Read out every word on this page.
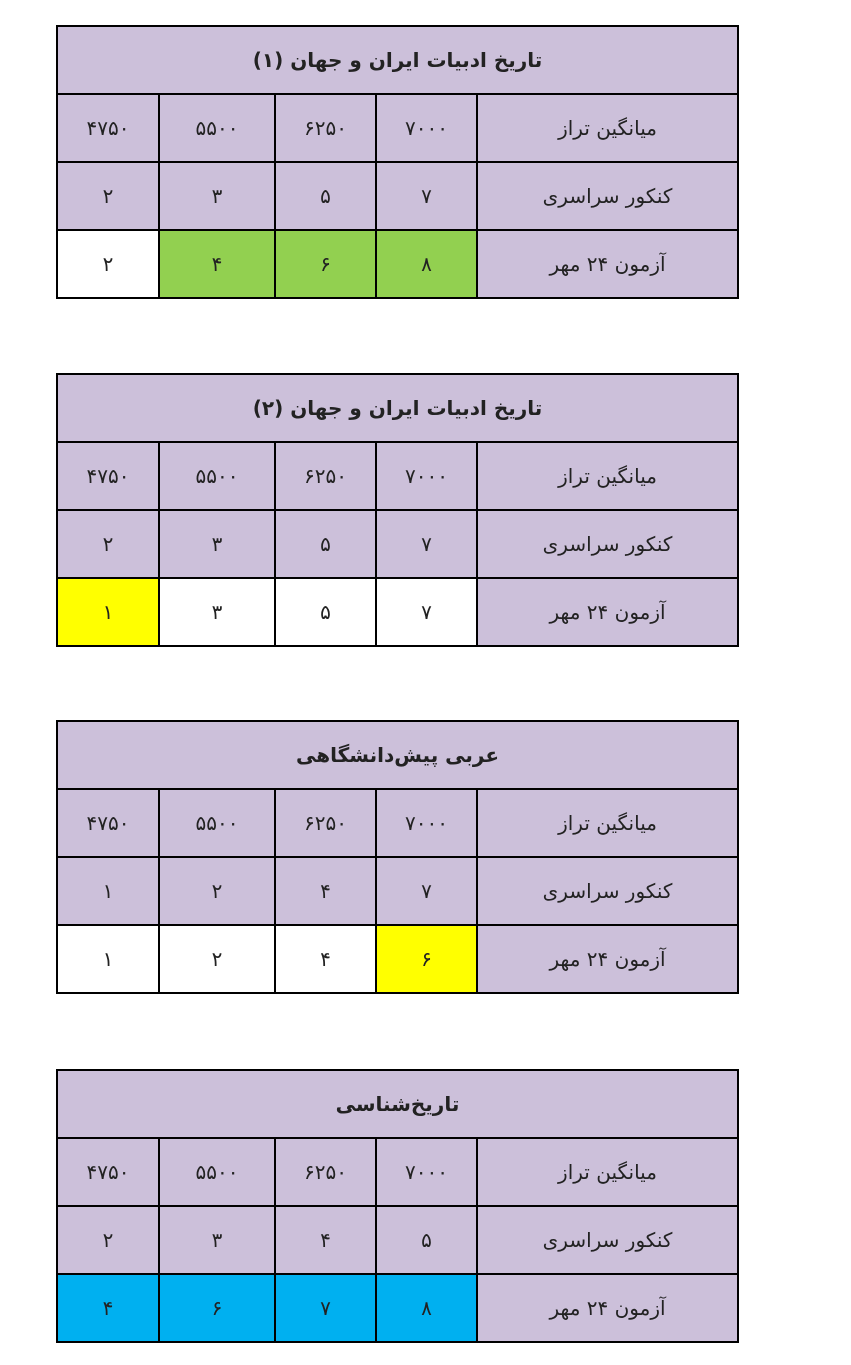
تاریخ ادبیات ایران و جهان (۱)				
۴۷۵۰	۵۵۰۰	۶۲۵۰	۷۰۰۰	میانگین تراز
۲	۳	۵	۷	کنکور سراسری
۲	۴	۶	۸	آزمون ۲۴ مهر
تاریخ ادبیات ایران و جهان (۲)				
۴۷۵۰	۵۵۰۰	۶۲۵۰	۷۰۰۰	میانگین تراز
۲	۳	۵	۷	کنکور سراسری
۱	۳	۵	۷	آزمون ۲۴ مهر
عربی پیش‌دانشگاهی				
۴۷۵۰	۵۵۰۰	۶۲۵۰	۷۰۰۰	میانگین تراز
۱	۲	۴	۷	کنکور سراسری
۱	۲	۴	۶	آزمون ۲۴ مهر
تاریخ‌شناسی				
۴۷۵۰	۵۵۰۰	۶۲۵۰	۷۰۰۰	میانگین تراز
۲	۳	۴	۵	کنکور سراسری
۴	۶	۷	۸	آزمون ۲۴ مهر
